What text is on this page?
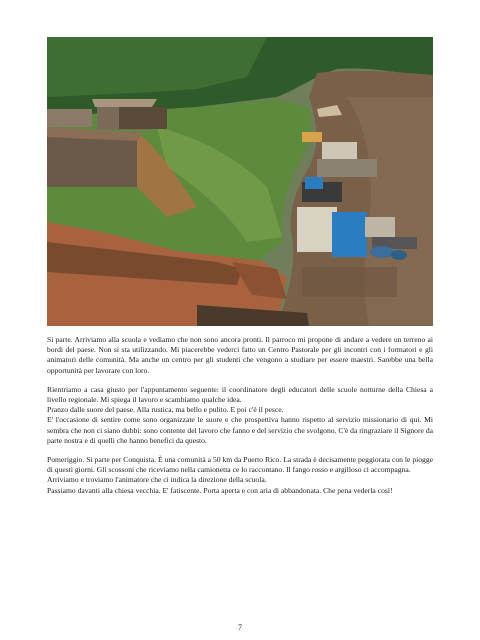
Si parte. Arriviamo alla scuola e vediamo che non sono ancora pronti. Il parroco mi propone di andare a vedere un terreno ai bordi del paese. Non si sta utilizzando. Mi piacerebbe vederci fatto un Centro Pastorale per gli incontri con i formatori e gli animatori delle comunità. Ma anche un centro per gli studenti che vengono a studiare per essere maestri. Sarebbe una bella opportunità per lavorare con loro.

Rientriamo a casa giusto per l'appuntamento seguente: il coordinatore degli educatori delle scuole notturne della Chiesa a livello regionale. Mi spiega il lavoro e scambiamo qualche idea.
Pranzo dalle suore del paese. Alla rustica, ma bello e pulito. E poi c'è il pesce.
E' l'occasione di sentire come sono organizzate le suore e che prospettiva hanno rispetto al servizio missionario di qui. Mi sembra che non ci siano dubbi: sono contente del lavoro che fanno e del servizio che svolgono. C'è da ringraziare il Signore da parte nostra e di quelli che hanno benefici da questo.

Pomeriggio. Si parte per Conquista. È una comunità a 50 km da Puerto Rico. La strada è decisamente peggiorata con le piogge di questi giorni. Gli scossoni che riceviamo nella camionetta ce lo raccontano. Il fango rosso e argilloso ci accompagna.
Arriviamo e troviamo l'animatore che ci indica la direzione della scuola.
Passiamo davanti alla chiesa vecchia. E' fatiscente. Porta aperta e con aria di abbandonata. Che pena vederla così!

7
